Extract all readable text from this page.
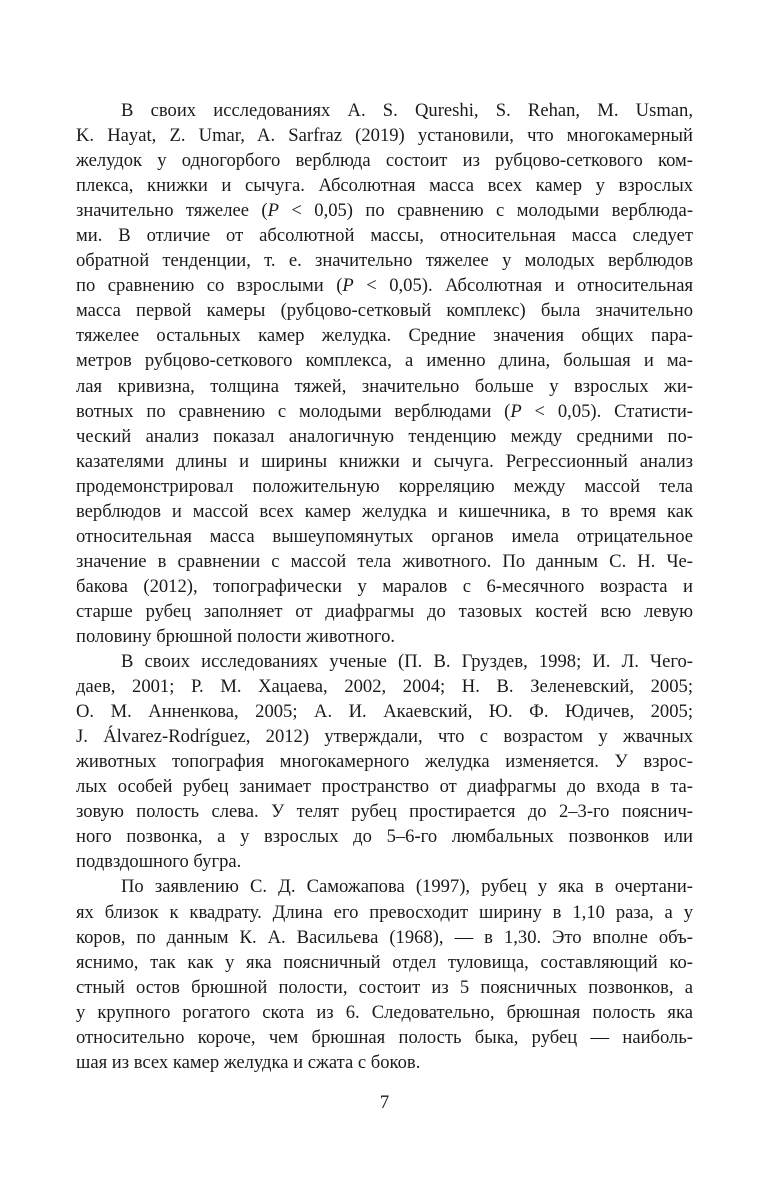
В своих исследованиях A. S. Qureshi, S. Rehan, M. Usman,
K. Hayat, Z. Umar, A. Sarfraz (2019) установили, что многокамерный
желудок у одногорбого верблюда состоит из рубцово-сеткового ком-
плекса, книжки и сычуга. Абсолютная масса всех камер у взрослых
значительно тяжелее (P < 0,05) по сравнению с молодыми верблюда-
ми. В отличие от абсолютной массы, относительная масса следует
обратной тенденции, т. е. значительно тяжелее у молодых верблюдов
по сравнению со взрослыми (P < 0,05). Абсолютная и относительная
масса первой камеры (рубцово-сетковый комплекс) была значительно
тяжелее остальных камер желудка. Средние значения общих пара-
метров рубцово-сеткового комплекса, а именно длина, большая и ма-
лая кривизна, толщина тяжей, значительно больше у взрослых жи-
вотных по сравнению с молодыми верблюдами (P < 0,05). Статисти-
ческий анализ показал аналогичную тенденцию между средними по-
казателями длины и ширины книжки и сычуга. Регрессионный анализ
продемонстрировал положительную корреляцию между массой тела
верблюдов и массой всех камер желудка и кишечника, в то время как
относительная масса вышеупомянутых органов имела отрицательное
значение в сравнении с массой тела животного. По данным С. Н. Че-
бакова (2012), топографически у маралов с 6-месячного возраста и
старше рубец заполняет от диафрагмы до тазовых костей всю левую
половину брюшной полости животного.
В своих исследованиях ученые (П. В. Груздев, 1998; И. Л. Чего-
даев, 2001; Р. М. Хацаева, 2002, 2004; Н. В. Зеленевский, 2005;
О. М. Анненкова, 2005; А. И. Акаевский, Ю. Ф. Юдичев, 2005;
J. Álvarez-Rodríguez, 2012) утверждали, что с возрастом у жвачных
животных топография многокамерного желудка изменяется. У взрос-
лых особей рубец занимает пространство от диафрагмы до входа в та-
зовую полость слева. У телят рубец простирается до 2–3-го пояснич-
ного позвонка, а у взрослых до 5–6-го люмбальных позвонков или
подвздошного бугра.
По заявлению С. Д. Саможапова (1997), рубец у яка в очертани-
ях близок к квадрату. Длина его превосходит ширину в 1,10 раза, а у
коров, по данным К. А. Васильева (1968), — в 1,30. Это вполне объ-
яснимо, так как у яка поясничный отдел туловища, составляющий ко-
стный остов брюшной полости, состоит из 5 поясничных позвонков, а
у крупного рогатого скота из 6. Следовательно, брюшная полость яка
относительно короче, чем брюшная полость быка, рубец — наиболь-
шая из всех камер желудка и сжата с боков.
7
